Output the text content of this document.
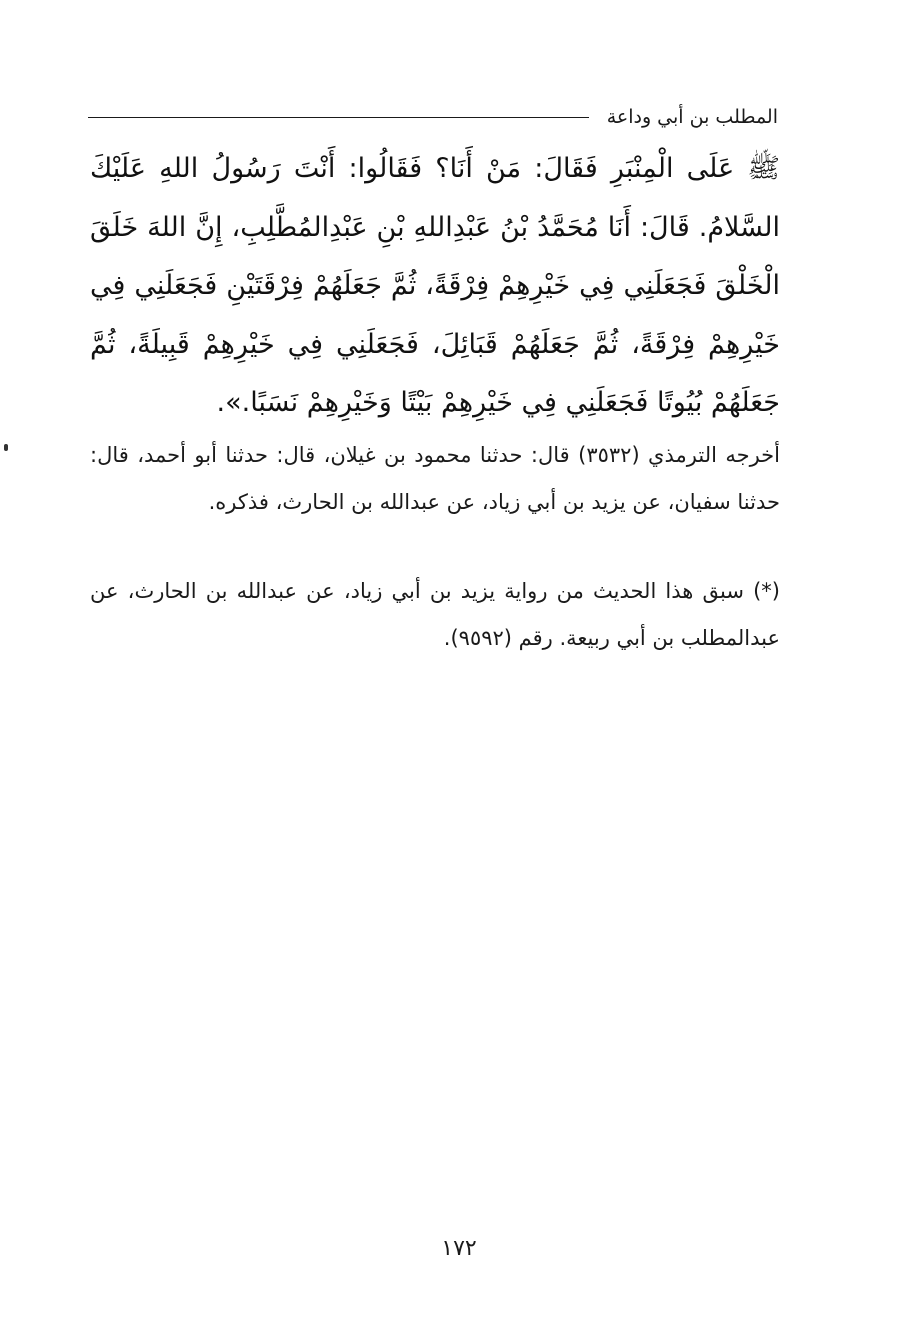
المطلب بن أبي وداعة
ﷺ عَلَى الْمِنْبَرِ فَقَالَ: مَنْ أَنَا؟ فَقَالُوا: أَنْتَ رَسُولُ اللهِ عَلَيْكَ السَّلامُ. قَالَ: أَنَا مُحَمَّدُ بْنُ عَبْدِاللهِ بْنِ عَبْدِالمُطَّلِبِ، إِنَّ اللهَ خَلَقَ الْخَلْقَ فَجَعَلَنِي فِي خَيْرِهِمْ فِرْقَةً، ثُمَّ جَعَلَهُمْ فِرْقَتَيْنِ فَجَعَلَنِي فِي خَيْرِهِمْ فِرْقَةً، ثُمَّ جَعَلَهُمْ قَبَائِلَ، فَجَعَلَنِي فِي خَيْرِهِمْ قَبِيلَةً، ثُمَّ جَعَلَهُمْ بُيُوتًا فَجَعَلَنِي فِي خَيْرِهِمْ بَيْتًا وَخَيْرِهِمْ نَسَبًا.».
أخرجه الترمذي (٣٥٣٢) قال: حدثنا محمود بن غيلان، قال: حدثنا أبو أحمد، قال: حدثنا سفيان، عن يزيد بن أبي زياد، عن عبدالله بن الحارث، فذكره.
(*) سبق هذا الحديث من رواية يزيد بن أبي زياد، عن عبدالله بن الحارث، عن عبدالمطلب بن أبي ربيعة. رقم (٩٥٩٢).
١٧٢
